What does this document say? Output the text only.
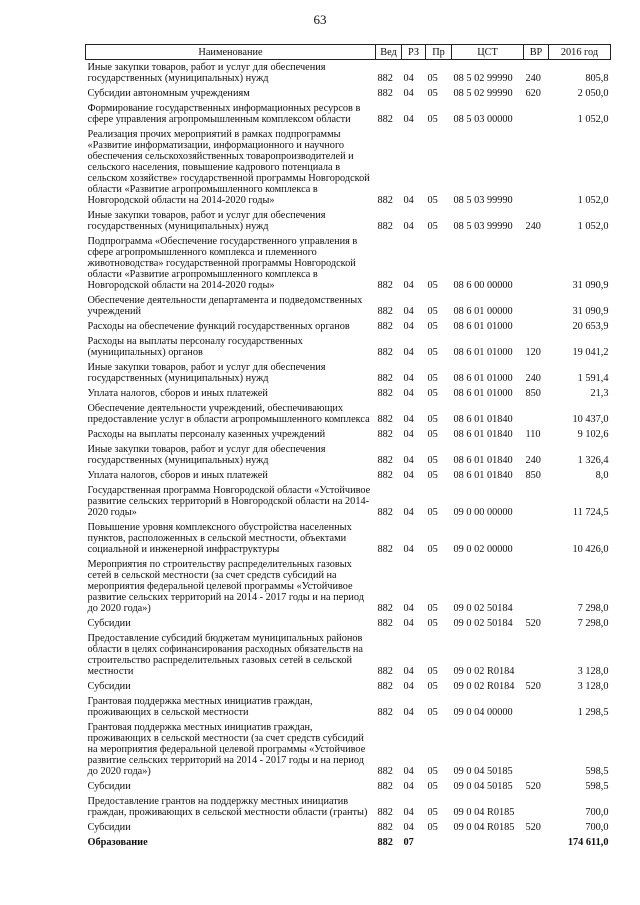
63
Наименование	Вед	РЗ	Пр	ЦСТ	ВР	2016 год
Иные закупки товаров, работ и услуг для обеспечения государственных (муниципальных) нужд	882	04	05	08 5 02 99990	240	805,8
Субсидии автономным учреждениям	882	04	05	08 5 02 99990	620	2 050,0
Формирование государственных информационных ресурсов в сфере управления агропромышленным комплексом области	882	04	05	08 5 03 00000		1 052,0
Реализация прочих мероприятий в рамках подпрограммы «Развитие информатизации, информационного и научного обеспечения сельскохозяйственных товаропроизводителей и сельского населения, повышение кадрового потенциала в сельском хозяйстве» государственной программы Новгородской области «Развитие агропромышленного комплекса в Новгородской области на 2014-2020 годы»	882	04	05	08 5 03 99990		1 052,0
Иные закупки товаров, работ и услуг для обеспечения государственных (муниципальных) нужд	882	04	05	08 5 03 99990	240	1 052,0
Подпрограмма «Обеспечение государственного управления в сфере агропромышленного комплекса и племенного животноводства» государственной программы Новгородской области «Развитие агропромышленного комплекса в Новгородской области на 2014-2020 годы»	882	04	05	08 6 00 00000		31 090,9
Обеспечение деятельности департамента и подведомственных учреждений	882	04	05	08 6 01 00000		31 090,9
Расходы на обеспечение функций государственных органов	882	04	05	08 6 01 01000		20 653,9
Расходы на выплаты персоналу государственных (муниципальных) органов	882	04	05	08 6 01 01000	120	19 041,2
Иные закупки товаров, работ и услуг для обеспечения государственных (муниципальных) нужд	882	04	05	08 6 01 01000	240	1 591,4
Уплата налогов, сборов и иных платежей	882	04	05	08 6 01 01000	850	21,3
Обеспечение деятельности учреждений, обеспечивающих предоставление услуг в области агропромышленного комплекса	882	04	05	08 6 01 01840		10 437,0
Расходы на выплаты персоналу казенных учреждений	882	04	05	08 6 01 01840	110	9 102,6
Иные закупки товаров, работ и услуг для обеспечения государственных (муниципальных) нужд	882	04	05	08 6 01 01840	240	1 326,4
Уплата налогов, сборов и иных платежей	882	04	05	08 6 01 01840	850	8,0
Государственная программа Новгородской области «Устойчивое развитие сельских территорий в Новгородской области на 2014-2020 годы»	882	04	05	09 0 00 00000		11 724,5
Повышение уровня комплексного обустройства населенных пунктов, расположенных в сельской местности, объектами социальной и инженерной инфраструктуры	882	04	05	09 0 02 00000		10 426,0
Мероприятия по строительству распределительных газовых сетей в сельской местности (за счет средств субсидий на мероприятия федеральной целевой программы «Устойчивое развитие сельских территорий на 2014 - 2017 годы и на период до 2020 года»)	882	04	05	09 0 02 50184		7 298,0
Субсидии	882	04	05	09 0 02 50184	520	7 298,0
Предоставление субсидий бюджетам муниципальных районов области в целях софинансирования расходных обязательств на строительство распределительных газовых сетей в сельской местности	882	04	05	09 0 02 R0184		3 128,0
Субсидии	882	04	05	09 0 02 R0184	520	3 128,0
Грантовая поддержка местных инициатив граждан, проживающих в сельской местности	882	04	05	09 0 04 00000		1 298,5
Грантовая поддержка местных инициатив граждан, проживающих в сельской местности (за счет средств субсидий на мероприятия федеральной целевой программы «Устойчивое развитие сельских территорий на 2014 - 2017 годы и на период до 2020 года»)	882	04	05	09 0 04 50185		598,5
Субсидии	882	04	05	09 0 04 50185	520	598,5
Предоставление грантов на поддержку местных инициатив граждан, проживающих в сельской местности области (гранты)	882	04	05	09 0 04 R0185		700,0
Субсидии	882	04	05	09 0 04 R0185	520	700,0
Образование	882	07				174 611,0
